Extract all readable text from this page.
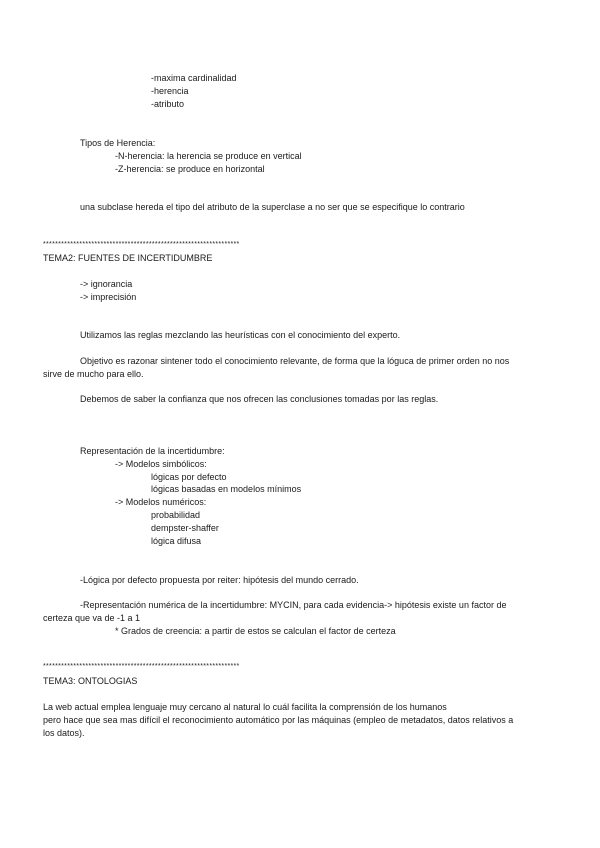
-maxima cardinalidad
-herencia
-atributo
Tipos de Herencia:
-N-herencia: la herencia se produce en vertical
-Z-herencia: se produce en horizontal
una subclase hereda el tipo del atributo de la superclase a no ser que se especifique lo contrario
*****************************************************************
TEMA2: FUENTES DE INCERTIDUMBRE
-> ignorancia
-> imprecisión
Utilizamos las reglas mezclando las heurísticas con el conocimiento del experto.
Objetivo es razonar sintener todo el conocimiento relevante, de forma que la lóguca de primer orden no nos
sirve de mucho para ello.
Debemos de saber la confianza que nos ofrecen las conclusiones tomadas por las reglas.
Representación de la incertidumbre:
-> Modelos simbólicos:
lógicas por defecto
lógicas basadas en modelos mínimos
-> Modelos numéricos:
probabilidad
dempster-shaffer
lógica difusa
-Lógica por defecto propuesta por reiter: hipótesis del mundo cerrado.
-Representación numérica de la incertidumbre: MYCIN, para cada evidencia-> hipótesis existe un factor de
certeza que va de -1 a 1
* Grados de creencia: a partir de estos se calculan el factor de certeza
*****************************************************************
TEMA3: ONTOLOGIAS
La web actual emplea lenguaje muy cercano al natural lo cuál facilita la comprensión de los humanos
pero hace que sea mas difícil el reconocimiento automático por las máquinas (empleo de metadatos, datos relativos a
los datos).
